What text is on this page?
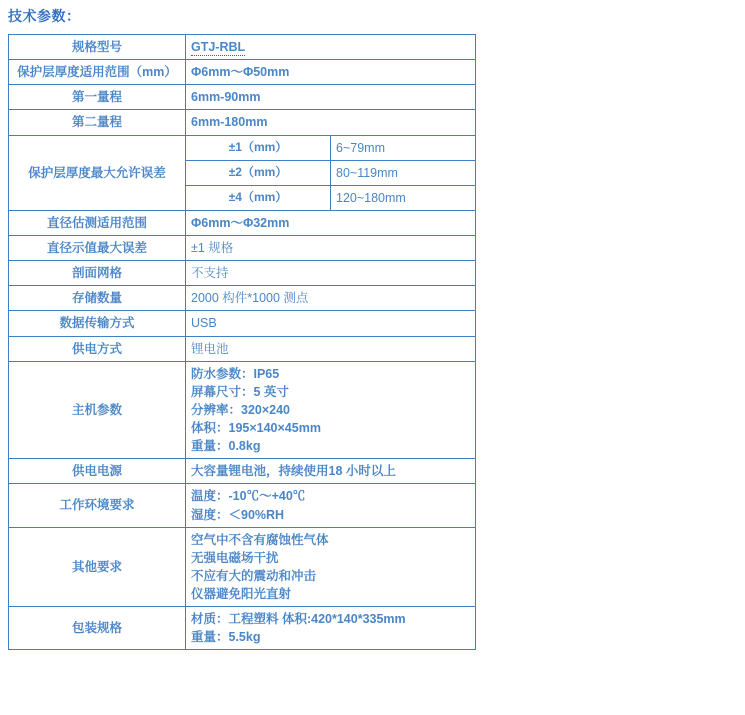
技术参数：
规格型号	GTJ-RBL	
保护层厚度适用范围（mm）	Φ6mm～Φ50mm	
第一量程	6mm-90mm	
第二量程	6mm-180mm	
保护层厚度最大允许误差	±1（mm）	6~79mm
	±2（mm）	80~119mm
	±4（mm）	120~180mm
直径估测适用范围	Φ6mm～Φ32mm	
直径示值最大误差	±1 规格	
剖面网格	不支持	
存储数量	2000 构件*1000 测点	
数据传输方式	USB	
供电方式	锂电池	
主机参数	防水参数：IP65
屏幕尺寸：5 英寸
分辨率：320×240
体积：195×140×45mm
重量：0.8kg	

供电电源	大容量锂电池，持续使用18 小时以上	
工作环境要求	温度：-10℃～+40℃
湿度：＜90%RH	

其他要求	空气中不含有腐蚀性气体
无强电磁场干扰
不应有大的震动和冲击
仪器避免阳光直射	

包装规格	材质：工程塑料 体积:420*140*335mm
重量：5.5kg	
